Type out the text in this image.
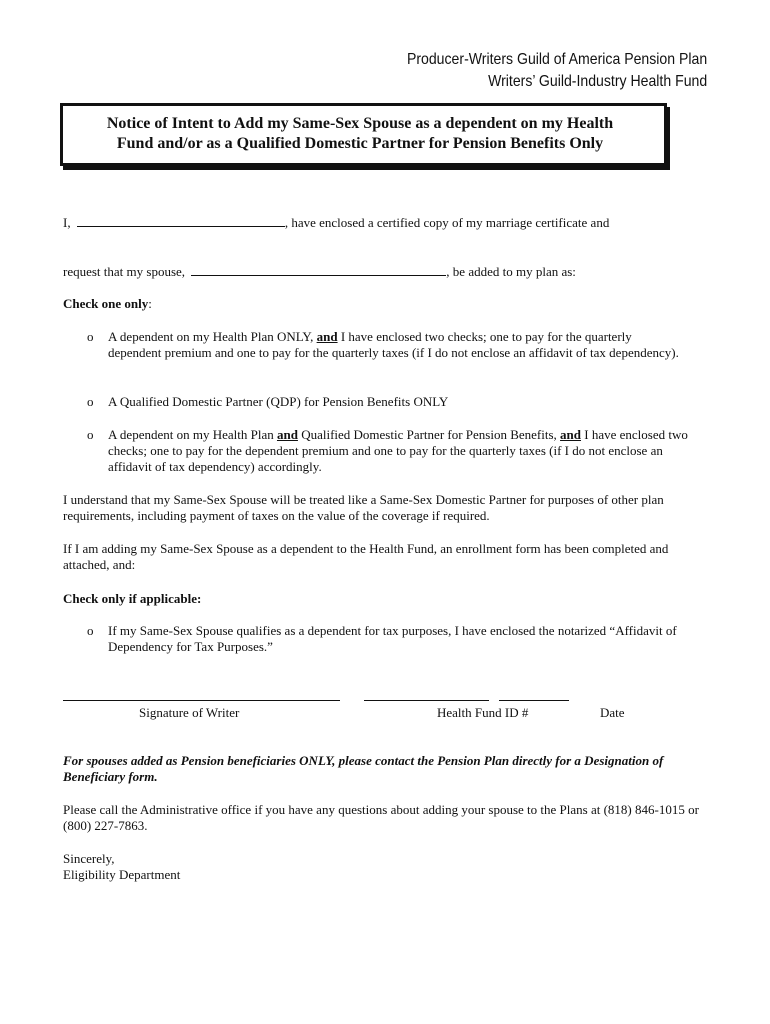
Producer-Writers Guild of America Pension Plan
Writers’ Guild-Industry Health Fund
Notice of Intent to Add my Same-Sex Spouse as a dependent on my Health
Fund and/or as a Qualified Domestic Partner for Pension Benefits Only
I,	, have enclosed a certified copy of my marriage certificate and
request that my spouse,	, be added to my plan as:
Check one only:
o A dependent on my Health Plan ONLY, and I have enclosed two checks; one to pay for the quarterly dependent premium and one to pay for the quarterly taxes (if I do not enclose an affidavit of tax dependency).
o A Qualified Domestic Partner (QDP) for Pension Benefits ONLY
o A dependent on my Health Plan and Qualified Domestic Partner for Pension Benefits, and I have enclosed two checks; one to pay for the dependent premium and one to pay for the quarterly taxes (if I do not enclose an affidavit of tax dependency) accordingly.
I understand that my Same-Sex Spouse will be treated like a Same-Sex Domestic Partner for purposes of other plan requirements, including payment of taxes on the value of the coverage if required.
If I am adding my Same-Sex Spouse as a dependent to the Health Fund, an enrollment form has been completed and attached, and:
Check only if applicable:
o If my Same-Sex Spouse qualifies as a dependent for tax purposes, I have enclosed the notarized “Affidavit of Dependency for Tax Purposes.”
Signature of Writer	Health Fund ID #	Date
For spouses added as Pension beneficiaries ONLY, please contact the Pension Plan directly for a Designation of Beneficiary form.
Please call the Administrative office if you have any questions about adding your spouse to the Plans at (818) 846-1015 or (800) 227-7863.
Sincerely,
Eligibility Department
